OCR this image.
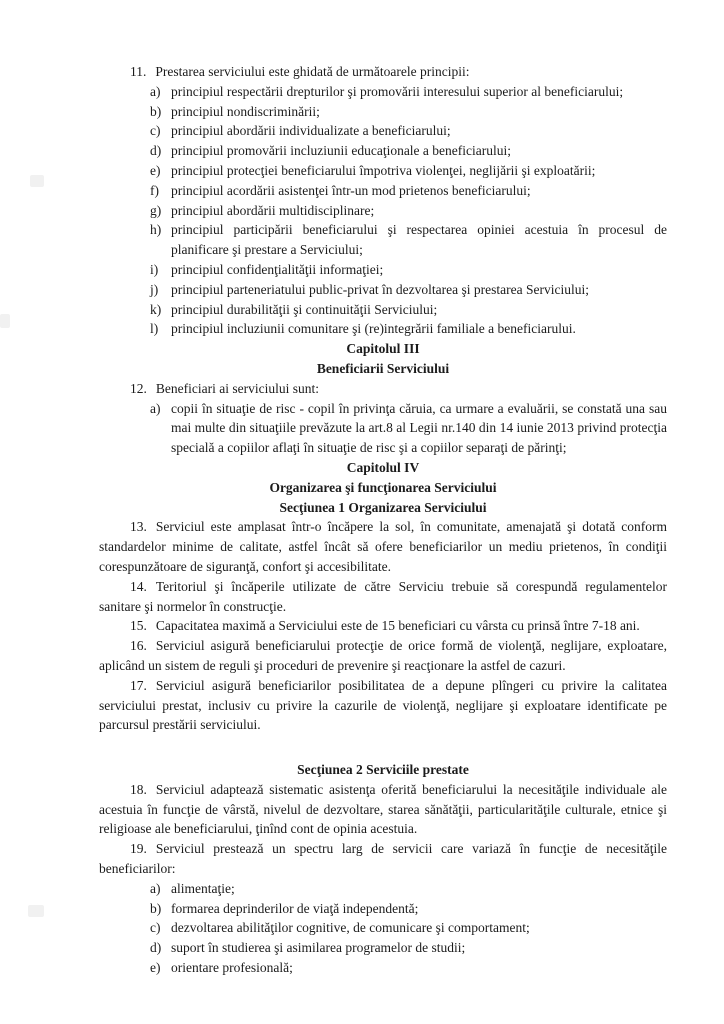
11. Prestarea serviciului este ghidată de următoarele principii:

a) principiul respectării drepturilor şi promovării interesului superior al beneficiarului;
b) principiul nondiscriminării;
c) principiul abordării individualizate a beneficiarului;
d) principiul promovării incluziunii educaţionale a beneficiarului;
e) principiul protecţiei beneficiarului împotriva violenţei, neglijării şi exploatării;
f) principiul acordării asistenţei într-un mod prietenos beneficiarului;
g) principiul abordării multidisciplinare;
h) principiul participării beneficiarului şi respectarea opiniei acestuia în procesul de planificare şi prestare a Serviciului;
i) principiul confidenţialităţii informaţiei;
j) principiul parteneriatului public-privat în dezvoltarea şi prestarea Serviciului;
k) principiul durabilităţii şi continuităţii Serviciului;
l) principiul incluziunii comunitare şi (re)integrării familiale a beneficiarului.
Capitolul III
Beneficiarii Serviciului

12. Beneficiari ai serviciului sunt:

a) copii în situaţie de risc - copil în privinţa căruia, ca urmare a evaluării, se constată una sau mai multe din situaţiile prevăzute la art.8 al Legii nr.140 din 14 iunie 2013 privind protecţia specială a copiilor aflaţi în situaţie de risc şi a copiilor separaţi de părinţi;
Capitolul IV
Organizarea şi funcţionarea Serviciului
Secţiunea 1 Organizarea Serviciului

13. Serviciul este amplasat într-o încăpere la sol, în comunitate, amenajată şi dotată conform standardelor minime de calitate, astfel încât să ofere beneficiarilor un mediu prietenos, în condiţii corespunzătoare de siguranţă, confort şi accesibilitate.

14. Teritoriul şi încăperile utilizate de către Serviciu trebuie să corespundă regulamentelor sanitare şi normelor în construcţie.

15. Capacitatea maximă a Serviciului este de 15 beneficiari cu vârsta cu prinsă între 7-18 ani.

16. Serviciul asigură beneficiarului protecţie de orice formă de violenţă, neglijare, exploatare, aplicând un sistem de reguli şi proceduri de prevenire şi reacţionare la astfel de cazuri.

17. Serviciul asigură beneficiarilor posibilitatea de a depune plîngeri cu privire la calitatea serviciului prestat, inclusiv cu privire la cazurile de violenţă, neglijare şi exploatare identificate pe parcursul prestării serviciului.

Secţiunea 2 Serviciile prestate

18. Serviciul adaptează sistematic asistenţa oferită beneficiarului la necesităţile individuale ale acestuia în funcţie de vârstă, nivelul de dezvoltare, starea sănătăţii, particularităţile culturale, etnice şi religioase ale beneficiarului, ţinînd cont de opinia acestuia.

19. Serviciul prestează un spectru larg de servicii care variază în funcţie de necesităţile beneficiarilor:

a) alimentaţie;
b) formarea deprinderilor de viaţă independentă;
c) dezvoltarea abilităţilor cognitive, de comunicare şi comportament;
d) suport în studierea şi asimilarea programelor de studii;
e) orientare profesională;
